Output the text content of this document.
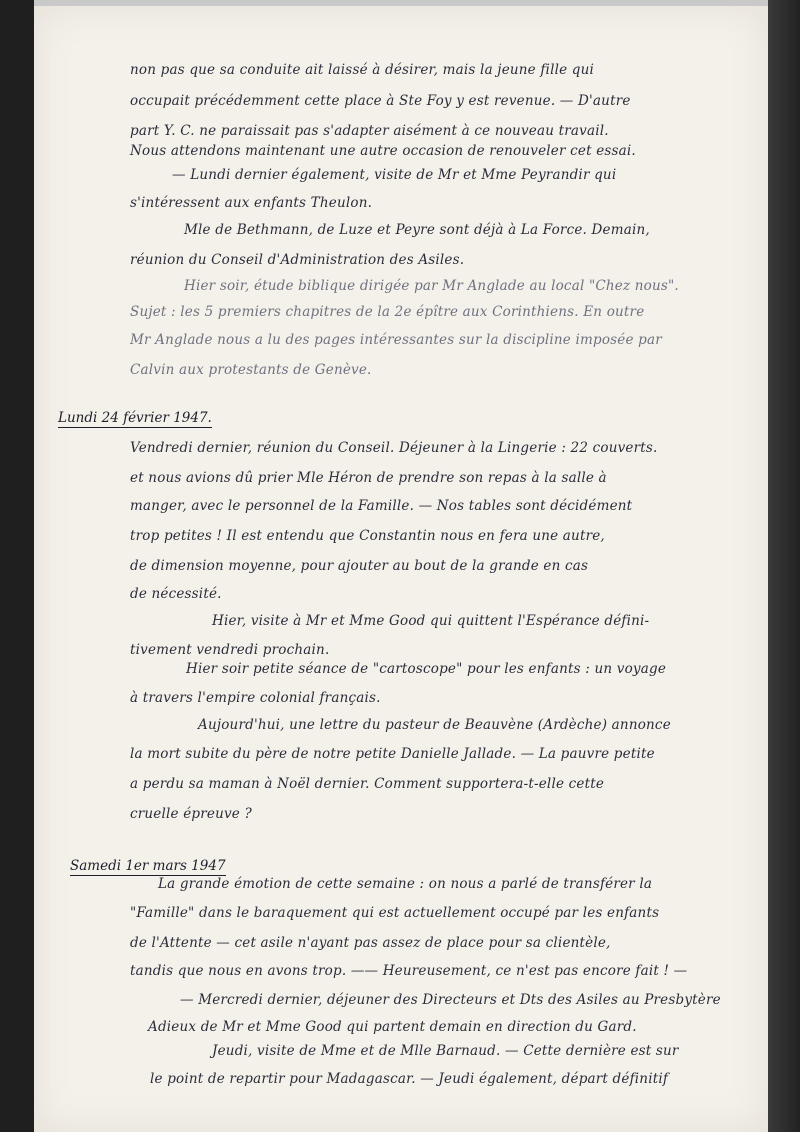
non pas que sa conduite ait laissé à désirer, mais la jeune fille qui
occupait précédemment cette place à Ste Foy y est revenue. — D'autre
part Y. C. ne paraissait pas s'adapter aisément à ce nouveau travail.
Nous attendons maintenant une autre occasion de renouveler cet essai.
— Lundi dernier également, visite de Mr et Mme Peyrandir qui
s'intéressent aux enfants Theulon.
Mle de Bethmann, de Luze et Peyre sont déjà à La Force. Demain,
réunion du Conseil d'Administration des Asiles.
Hier soir, étude biblique dirigée par Mr Anglade au local "Chez nous".
Sujet : les 5 premiers chapitres de la 2e épître aux Corinthiens. En outre
Mr Anglade nous a lu des pages intéressantes sur la discipline imposée par
Calvin aux protestants de Genève.
Lundi 24 février 1947.
Vendredi dernier, réunion du Conseil. Déjeuner à la Lingerie : 22 couverts.
et nous avions dû prier Mle Héron de prendre son repas à la salle à
manger, avec le personnel de la Famille. — Nos tables sont décidément
trop petites ! Il est entendu que Constantin nous en fera une autre,
de dimension moyenne, pour ajouter au bout de la grande en cas
de nécessité.
Hier, visite à Mr et Mme Good qui quittent l'Espérance défini-
tivement vendredi prochain.
Hier soir petite séance de "cartoscope" pour les enfants : un voyage
à travers l'empire colonial français.
Aujourd'hui, une lettre du pasteur de Beauvène (Ardèche) annonce
la mort subite du père de notre petite Danielle Jallade. — La pauvre petite
a perdu sa maman à Noël dernier. Comment supportera-t-elle cette
cruelle épreuve ?
Samedi 1er mars 1947
La grande émotion de cette semaine : on nous a parlé de transférer la
"Famille" dans le baraquement qui est actuellement occupé par les enfants
de l'Attente — cet asile n'ayant pas assez de place pour sa clientèle,
tandis que nous en avons trop. —— Heureusement, ce n'est pas encore fait ! —
— Mercredi dernier, déjeuner des Directeurs et Dts des Asiles au Presbytère
Adieux de Mr et Mme Good qui partent demain en direction du Gard.
Jeudi, visite de Mme et de Mlle Barnaud. — Cette dernière est sur
le point de repartir pour Madagascar. — Jeudi également, départ définitif
